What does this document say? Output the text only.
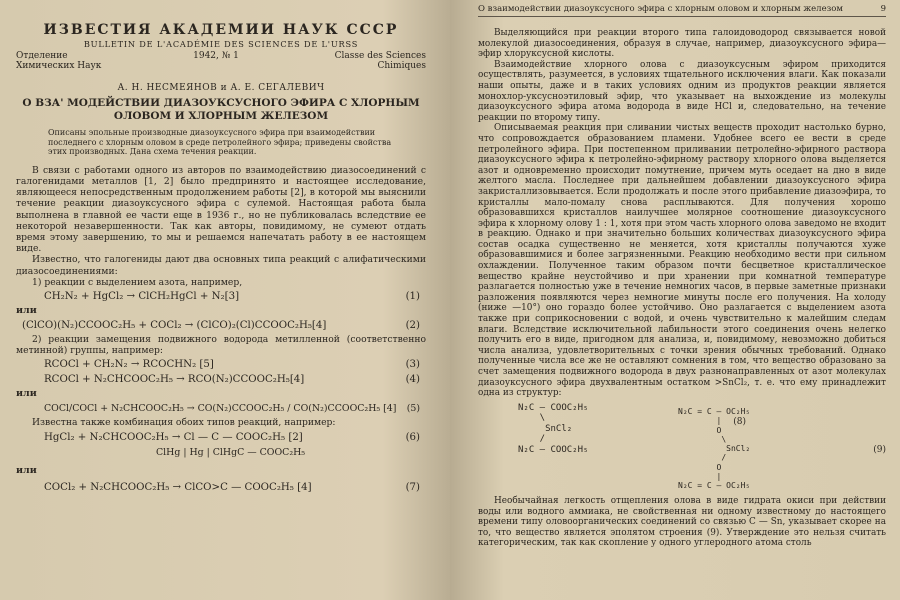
ИЗВЕСТИЯ АКАДЕМИИ НАУК СССР
BULLETIN DE L'ACADÉMIE DES SCIENCES DE L'URSS
Отделение Химических Наук
1942, № 1	Classe des Sciences Chimiques
А. Н. НЕСМЕЯНОВ и А. Е. СЕГАЛЕВИЧ
О ВЗА' МОДЕЙСТВИИ ДИАЗОУКСУСНОГО ЭФИРА С ХЛОРНЫМ ОЛОВОМ И ХЛОРНЫМ ЖЕЛЕЗОМ
Описаны эпольные производные диазоуксусного эфира при взаимодействии последнего с хлорным оловом в среде петролейного эфира; приведены свойства этих производных. Дана схема течения реакции.

В связи с работами одного из авторов по взаимодействию диазосоединений с галогенидами металлов [1, 2] было предпринято и настоящее исследование, являющееся непосредственным продолжением работы [2], в которой мы выяснили течение реакции диазоуксусного эфира с сулемой. Настоящая работа была выполнена в главной ее части еще в 1936 г., но не публиковалась вследствие ее некоторой незавершенности. Так как авторы, повидимому, не сумеют отдать время этому завершению, то мы и решаемся напечатать работу в ее настоящем виде.

Известно, что галогениды дают два основных типа реакций с алифатическими диазосоединениями:

1) реакции с выделением азота, например,

CH₂N₂ + HgCl₂ → ClCH₂HgCl + N₂[3]	(1)
или
(ClCO)(N₂)CCOOC₂H₅ + COCl₂ → (ClCO)₂(Cl)CCOOC₂H₅[4]	(2)

2) реакции замещения подвижного водорода метилленной (соответственно метинной) группы, например:

RCOCl + CH₂N₂ → RCOCHN₂ [5]	(3)
RCOCl + N₂CHCOOC₂H₅ → RCO(N₂)CCOOC₂H₅[4]	(4)
или
COCl/COCl + N₂CHCOOC₂H₅ → CO(N₂)CCOOC₂H₅ / CO(N₂)CCOOC₂H₅ [4]	(5)

Известна также комбинация обоих типов реакций, например:

HgCl₂ + N₂CHCOOC₂H₅ → Cl — C — COOC₂H₅ [2]	(6)
ClHg | Hg | ClHgC — COOC₂H₅
или
COCl₂ + N₂CHCOOC₂H₅ → ClCO>C — COOC₂H₅ [4]	(7)
О взаимодействии диазоуксусного эфира с хлорным оловом и хлорным железом	9

Выделяющийся при реакции второго типа галоидоводород связывается новой молекулой диазосоединения, образуя в случае, например, диазоуксусного эфира—эфир хлоруксусной кислоты.

Взаимодействие хлорного олова с диазоуксусным эфиром приходится осуществлять, разумеется, в условиях тщательного исключения влаги. Как показали наши опыты, даже и в таких условиях одним из продуктов реакции является монохлор-уксусноэтиловый эфир, что указывает на выхождение из молекулы диазоуксусного эфира атома водорода в виде HCl и, следовательно, на течение реакции по второму типу.

Описываемая реакция при сливании чистых веществ проходит настолько бурно, что сопровождается образованием пламени. Удобнее всего ее вести в среде петролейного эфира. При постепенном приливании петролейно-эфирного раствора диазоуксусного эфира к петролейно-эфирному раствору хлорного олова выделяется азот и одновременно происходит помутнение, причем муть оседает на дно в виде желтого масла. Последнее при дальнейшем добавлении диазоуксусного эфира закристаллизовывается. Если продолжать и после этого прибавление диазоэфира, то кристаллы мало-помалу снова расплываются. Для получения хорошо образовавшихся кристаллов наилучшее молярное соотношение диазоуксусного эфира к хлорному олову 1 : 1, хотя при этом часть хлорного олова заведомо не входит в реакцию. Однако и при значительно больших количествах диазоуксусного эфира состав осадка существенно не меняется, хотя кристаллы получаются хуже образовавшимися и более загрязненными. Реакцию необходимо вести при сильном охлаждении. Полученное таким образом почти бесцветное кристаллическое вещество крайне неустойчиво и при хранении при комнатной температуре разлагается полностью уже в течение немногих часов, в первые заметные признаки разложения появляются через немногие минуты после его получения. На холоду (ниже —10°) оно гораздо более устойчиво. Оно разлагается с выделением азота также при соприкосновении с водой, и очень чувствительно к малейшим следам влаги. Вследствие исключительной лабильности этого соединения очень нелегко получить его в виде, пригодном для анализа, и, повидимому, невозможно добиться числа анализа, удовлетворительных с точки зрения обычных требований. Однако полученные числа все же не оставляют сомнения в том, что вещество образовано за счет замещения подвижного водорода в двух разнонаправленных от азот молекулах диазоуксусного эфира двухвалентным остатком >SnCl₂, т. е. что ему принадлежит одна из структур:

N₂C — COOC₂H₅
\
SnCl₂
/
N₂C — COOC₂H₅
(8)
N₂C = C — OC₂H₅
|
O
\
SnCl₂
/
O
|
N₂C = C — OC₂H₅
(9)

Необычайная легкость отщепления олова в виде гидрата окиси при действии воды или водного аммиака, не свойственная ни одному известному до настоящего времени типу оловоорганических соединений со связью C — Sn, указывает скорее на то, что вещество является эполятом строения (9). Утверждение это нельзя считать категорическим, так как скопление у одного углеродного атома столь
